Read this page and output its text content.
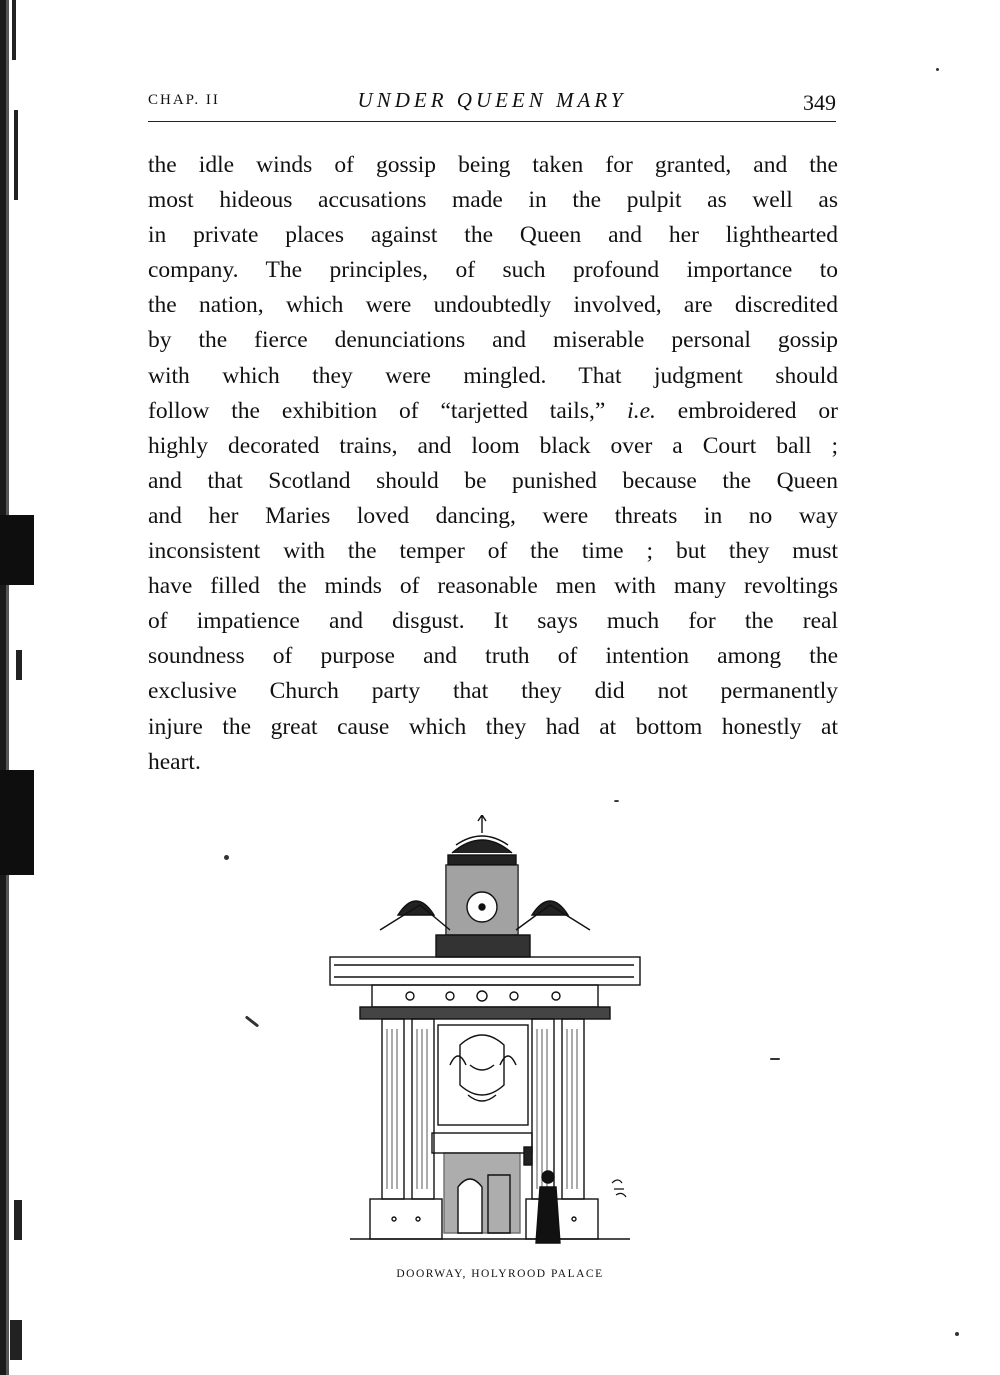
CHAP. II	UNDER QUEEN MARY	349
the idle winds of gossip being taken for granted, and the
most hideous accusations made in the pulpit as well as
in private places against the Queen and her lighthearted
company. The principles, of such profound importance to
the nation, which were undoubtedly involved, are discredited
by the fierce denunciations and miserable personal gossip
with which they were mingled. That judgment should
follow the exhibition of “tarjetted tails,” i.e. embroidered or
highly decorated trains, and loom black over a Court ball ;
and that Scotland should be punished because the Queen
and her Maries loved dancing, were threats in no way
inconsistent with the temper of the time ; but they must
have filled the minds of reasonable men with many revoltings
of impatience and disgust. It says much for the real
soundness of purpose and truth of intention among the
exclusive Church party that they did not permanently
injure the great cause which they had at bottom honestly at
heart.
DOORWAY, HOLYROOD PALACE
